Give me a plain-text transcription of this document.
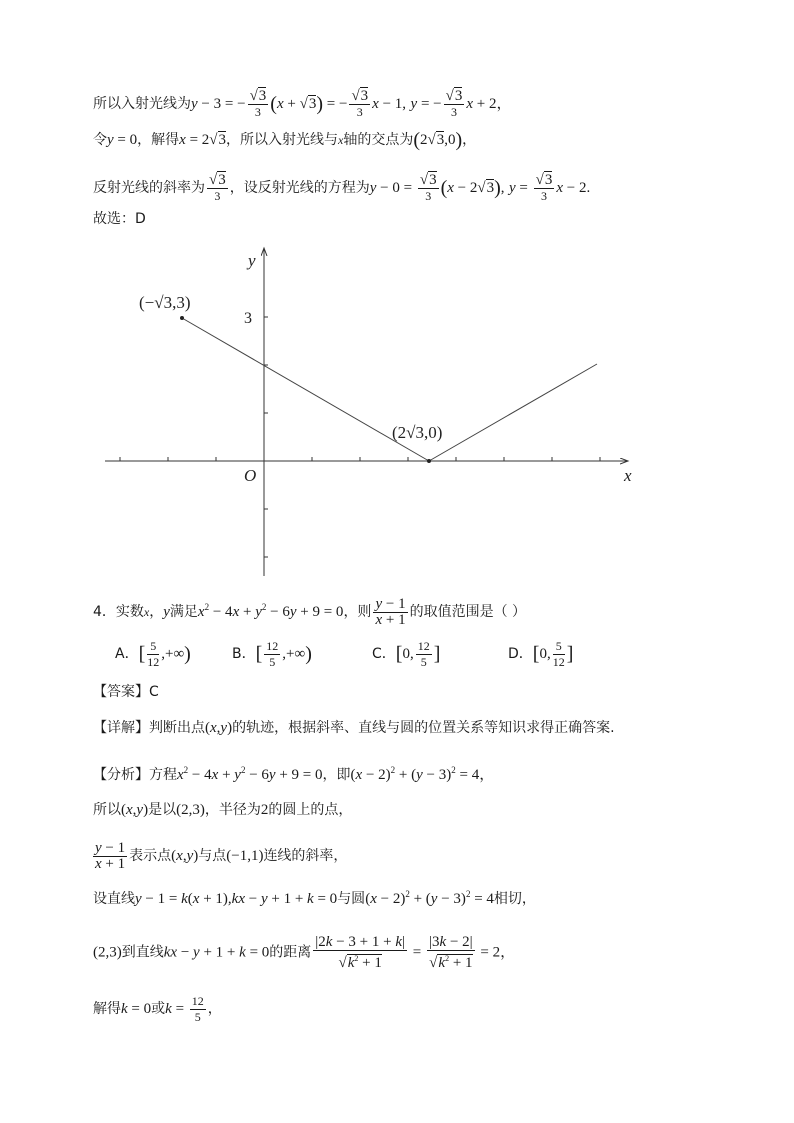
所以入射光线为y − 3 = − $\frac{√3}{3} (x + √3)$ = − $\frac{√3}{3}$ x − 1, y = − $\frac{√3}{3}$ x + 2，
令y = 0，解得x = 2√3，所以入射光线与x轴的交点为(2√3,0)，
反射光线的斜率为 $\frac{√3}{3}$ ，设反射光线的方程为$y - 0 = \frac{√3}{3} (x - 2√3)$, $y = \frac{√3}{3}$ x − 2.
故选：D
y
x
O
3
(−√3,3)
(2√3,0)
4．实数x，y满足$x^2 - 4x + y^2 - 6y + 9 = 0$，则 $\frac{y - 1}{x + 1}$ 的取值范围是（ ）
A．[ $\frac{5}{12}$ ,+∞)	B．[ $\frac{12}{5}$ ,+∞)	C．[0, $\frac{12}{5}$ ]	D．[0, $\frac{5}{12}$ ]
【答案】C
【详解】判断出点(x,y)的轨迹，根据斜率、直线与圆的位置关系等知识求得正确答案.
【分析】方程$x^2 - 4x + y^2 - 6y + 9 = 0$，即$(x - 2)^2 + (y - 3)^2 = 4$，
所以(x,y)是以(2,3)，半径为2的圆上的点，
$\frac{y - 1}{x + 1}$ 表示点(x,y)与点(−1,1)连线的斜率，
设直线y − 1 = k(x + 1),kx − y + 1 + k = 0与圆$(x - 2)^2 + (y - 3)^2 = 4$相切，
(2,3)到直线kx − y + 1 + k = 0的距离 $\frac{|2k - 3 + 1 + k|}{√k^2 + 1} = \frac{|3k - 2|}{√k^2 + 1} = 2$，
解得k = 0或$k = \frac{12}{5}$ ，
